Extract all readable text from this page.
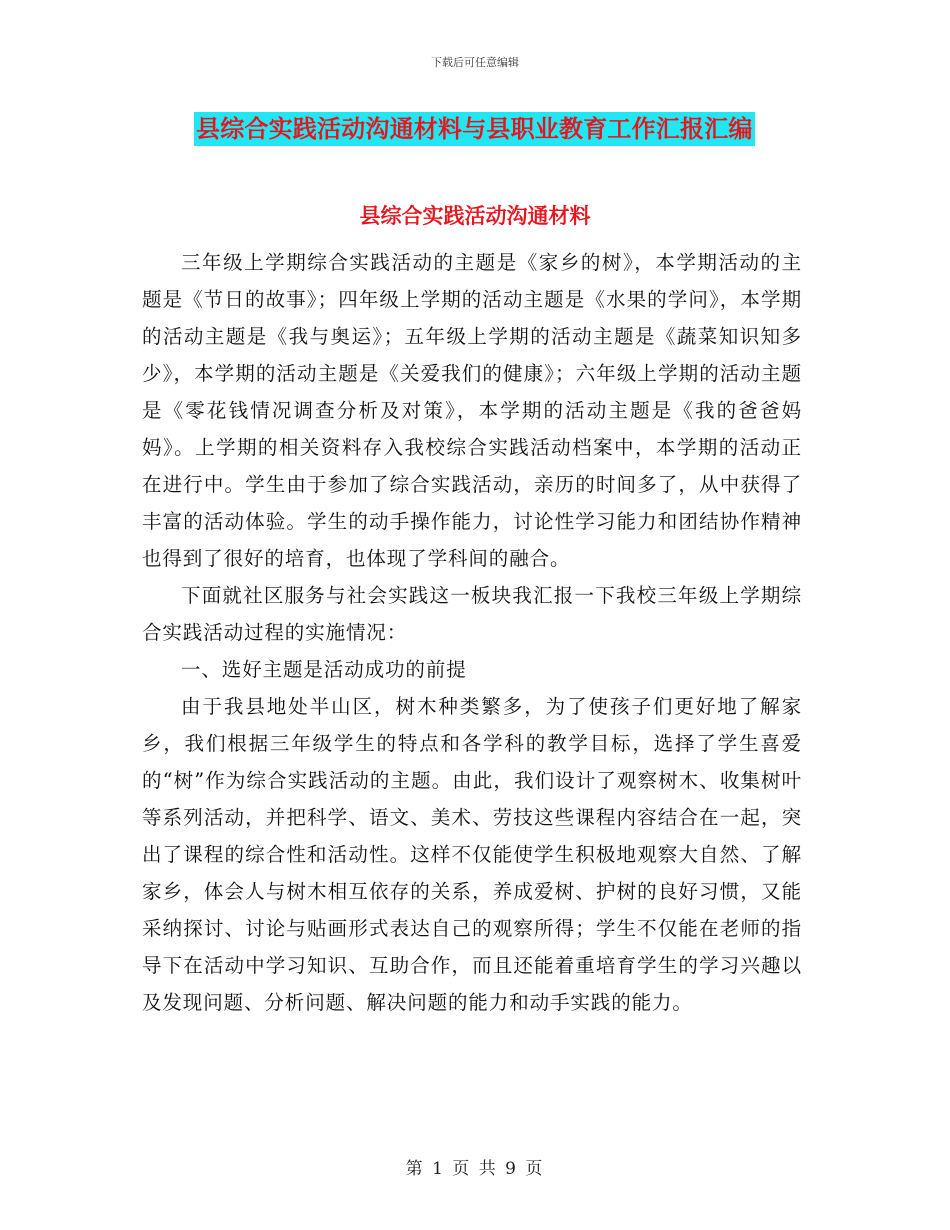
下载后可任意编辑
县综合实践活动沟通材料与县职业教育工作汇报汇编
县综合实践活动沟通材料

三年级上学期综合实践活动的主题是《家乡的树》，本学期活动的主题是《节日的故事》；四年级上学期的活动主题是《水果的学问》，本学期的活动主题是《我与奥运》；五年级上学期的活动主题是《蔬菜知识知多少》，本学期的活动主题是《关爱我们的健康》；六年级上学期的活动主题是《零花钱情况调查分析及对策》，本学期的活动主题是《我的爸爸妈妈》。上学期的相关资料存入我校综合实践活动档案中，本学期的活动正在进行中。学生由于参加了综合实践活动，亲历的时间多了，从中获得了丰富的活动体验。学生的动手操作能力，讨论性学习能力和团结协作精神也得到了很好的培育，也体现了学科间的融合。

下面就社区服务与社会实践这一板块我汇报一下我校三年级上学期综合实践活动过程的实施情况：

一、选好主题是活动成功的前提

由于我县地处半山区，树木种类繁多，为了使孩子们更好地了解家乡，我们根据三年级学生的特点和各学科的教学目标，选择了学生喜爱的“树”作为综合实践活动的主题。由此，我们设计了观察树木、收集树叶等系列活动，并把科学、语文、美术、劳技这些课程内容结合在一起，突出了课程的综合性和活动性。这样不仅能使学生积极地观察大自然、了解家乡，体会人与树木相互依存的关系，养成爱树、护树的良好习惯，又能采纳探讨、讨论与贴画形式表达自己的观察所得；学生不仅能在老师的指导下在活动中学习知识、互助合作，而且还能着重培育学生的学习兴趣以及发现问题、分析问题、解决问题的能力和动手实践的能力。

第 1 页 共 9 页
